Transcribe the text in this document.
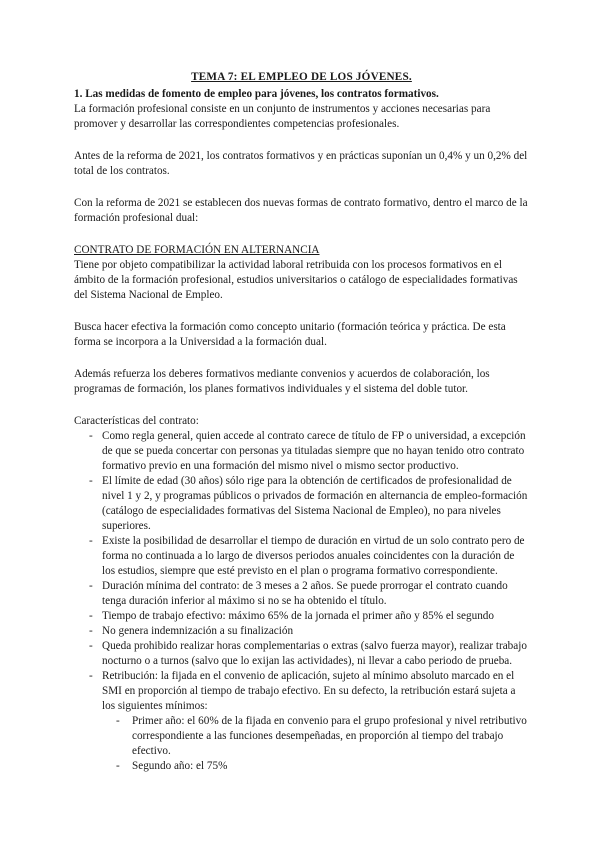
TEMA 7: EL EMPLEO DE LOS JÓVENES.

1. Las medidas de fomento de empleo para jóvenes, los contratos formativos.

La formación profesional consiste en un conjunto de instrumentos y acciones necesarias para promover y desarrollar las correspondientes competencias profesionales.

Antes de la reforma de 2021, los contratos formativos y en prácticas suponían un 0,4% y un 0,2% del total de los contratos.

Con la reforma de 2021 se establecen dos nuevas formas de contrato formativo, dentro el marco de la formación profesional dual:

CONTRATO DE FORMACIÓN EN ALTERNANCIA

Tiene por objeto compatibilizar la actividad laboral retribuida con los procesos formativos en el ámbito de la formación profesional, estudios universitarios o catálogo de especialidades formativas del Sistema Nacional de Empleo.

Busca hacer efectiva la formación como concepto unitario (formación teórica y práctica. De esta forma se incorpora a la Universidad a la formación dual.

Además refuerza los deberes formativos mediante convenios y acuerdos de colaboración, los programas de formación, los planes formativos individuales y el sistema del doble tutor.

Características del contrato:

- Como regla general, quien accede al contrato carece de título de FP o universidad, a excepción de que se pueda concertar con personas ya tituladas siempre que no hayan tenido otro contrato formativo previo en una formación del mismo nivel o mismo sector productivo.
- El límite de edad (30 años) sólo rige para la obtención de certificados de profesionalidad de nivel 1 y 2, y programas públicos o privados de formación en alternancia de empleo-formación (catálogo de especialidades formativas del Sistema Nacional de Empleo), no para niveles superiores.
- Existe la posibilidad de desarrollar el tiempo de duración en virtud de un solo contrato pero de forma no continuada a lo largo de diversos periodos anuales coincidentes con la duración de los estudios, siempre que esté previsto en el plan o programa formativo correspondiente.
- Duración mínima del contrato: de 3 meses a 2 años. Se puede prorrogar el contrato cuando tenga duración inferior al máximo si no se ha obtenido el título.
- Tiempo de trabajo efectivo: máximo 65% de la jornada el primer año y 85% el segundo
- No genera indemnización a su finalización
- Queda prohibido realizar horas complementarias o extras (salvo fuerza mayor), realizar trabajo nocturno o a turnos (salvo que lo exijan las actividades), ni llevar a cabo periodo de prueba.
- Retribución: la fijada en el convenio de aplicación, sujeto al mínimo absoluto marcado en el SMI en proporción al tiempo de trabajo efectivo. En su defecto, la retribución estará sujeta a los siguientes mínimos:
- Primer año: el 60% de la fijada en convenio para el grupo profesional y nivel retributivo correspondiente a las funciones desempeñadas, en proporción al tiempo del trabajo efectivo.
- Segundo año: el 75%
